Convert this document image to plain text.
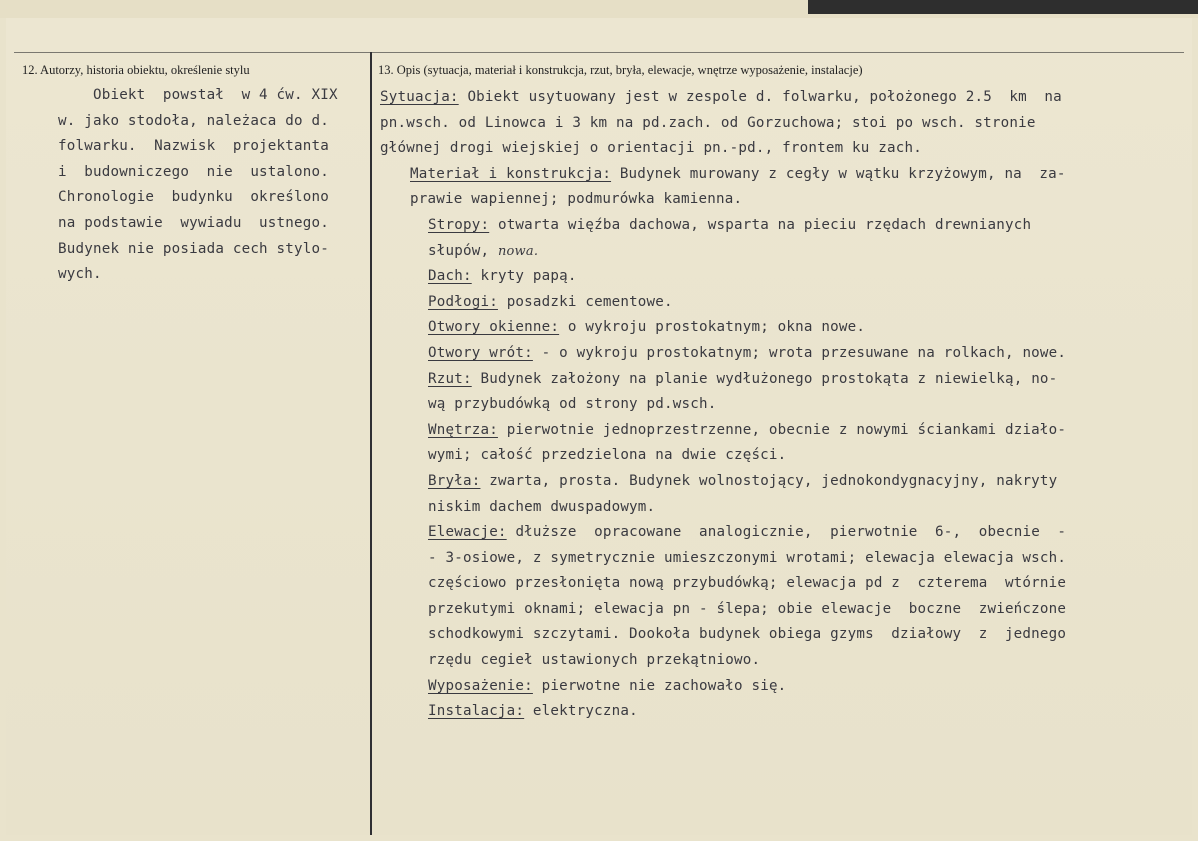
12. Autorzy, historia obiektu, określenie stylu	13. Opis (sytuacja, materiał i konstrukcja, rzut, bryła, elewacje, wnętrze wyposażenie, instalacje)
Obiekt  powstał  w 4 ćw. XIX
w. jako stodoła, należaca do d.
folwarku.  Nazwisk  projektanta
i  budowniczego  nie  ustalono.
Chronologie  budynku  określono
na podstawie  wywiadu  ustnego.
Budynek nie posiada cech stylo-
wych.
Sytuacja: Obiekt usytuowany jest w zespole d. folwarku, położonego 2.5  km  na
pn.wsch. od Linowca i 3 km na pd.zach. od Gorzuchowa; stoi po wsch. stronie
głównej drogi wiejskiej o orientacji pn.-pd., frontem ku zach.
Materiał i konstrukcja: Budynek murowany z cegły w wątku krzyżowym, na  za-
prawie wapiennej; podmurówka kamienna.
Stropy: otwarta więźba dachowa, wsparta na pieciu rzędach drewnianych
słupów, nowa.
Dach: kryty papą.
Podłogi: posadzki cementowe.
Otwory okienne: o wykroju prostokatnym; okna nowe.
Otwory wrót: - o wykroju prostokatnym; wrota przesuwane na rolkach, nowe.
Rzut: Budynek założony na planie wydłużonego prostokąta z niewielką, no-
wą przybudówką od strony pd.wsch.
Wnętrza: pierwotnie jednoprzestrzenne, obecnie z nowymi ściankami działo-
wymi; całość przedzielona na dwie części.
Bryła: zwarta, prosta. Budynek wolnostojący, jednokondygnacyjny, nakryty
niskim dachem dwuspadowym.
Elewacje: dłuższe  opracowane  analogicznie,  pierwotnie  6-,  obecnie  -
- 3-osiowe, z symetrycznie umieszczonymi wrotami; elewacja elewacja wsch.
częściowo przesłonięta nową przybudówką; elewacja pd z  czterema  wtórnie
przekutymi oknami; elewacja pn - ślepa; obie elewacje  boczne  zwieńczone
schodkowymi szczytami. Dookoła budynek obiega gzyms  działowy  z  jednego
rzędu cegieł ustawionych przekątniowo.
Wyposażenie: pierwotne nie zachowało się.
Instalacja: elektryczna.
